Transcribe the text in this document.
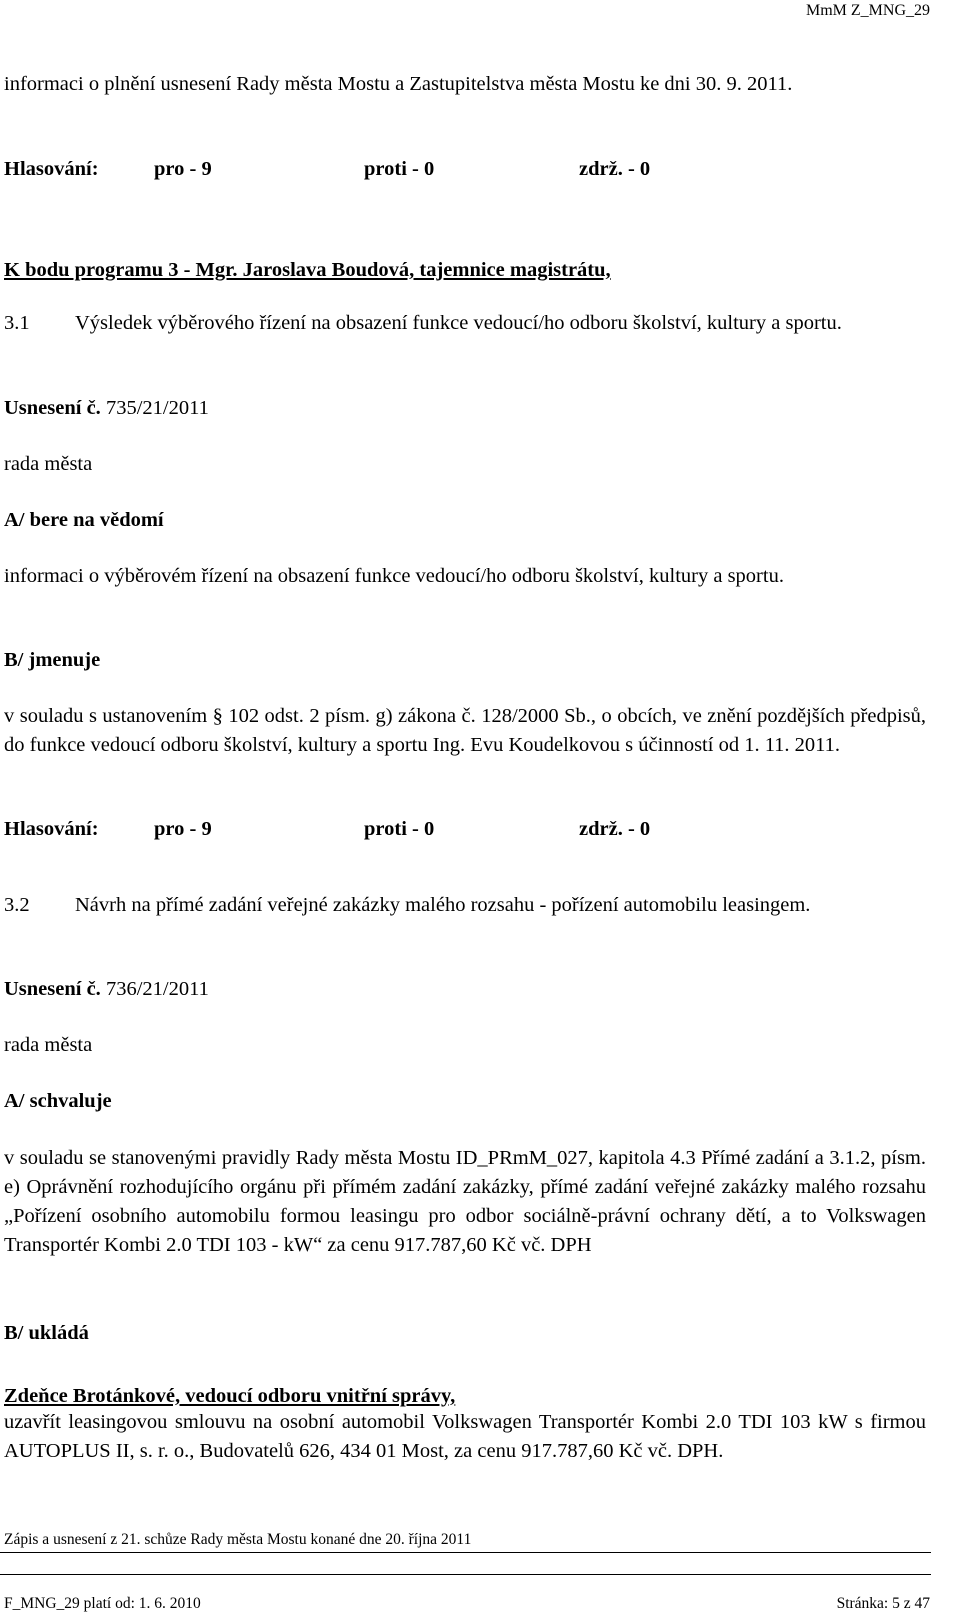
MmM Z_MNG_29

informaci o plnění usnesení Rady města Mostu a Zastupitelstva města Mostu ke dni 30. 9. 2011.

Hlasování:	pro - 9	proti - 0	zdrž. - 0

K bodu programu 3 - Mgr. Jaroslava Boudová, tajemnice magistrátu,

3.1 Výsledek výběrového řízení na obsazení funkce vedoucí/ho odboru školství, kultury a sportu.

Usnesení č. 735/21/2011

rada města

A/ bere na vědomí

informaci o výběrovém řízení na obsazení funkce vedoucí/ho odboru školství, kultury a sportu.

B/ jmenuje

v souladu s ustanovením § 102 odst. 2 písm. g) zákona č. 128/2000 Sb., o obcích, ve znění pozdějších předpisů, do funkce vedoucí odboru školství, kultury a sportu Ing. Evu Koudelkovou s účinností od 1. 11. 2011.

Hlasování:	pro - 9	proti - 0	zdrž. - 0
3.2 Návrh na přímé zadání veřejné zakázky malého rozsahu - pořízení automobilu leasingem.

Usnesení č. 736/21/2011

rada města

A/ schvaluje

v souladu se stanovenými pravidly Rady města Mostu ID_PRmM_027, kapitola 4.3 Přímé zadání a 3.1.2, písm. e) Oprávnění rozhodujícího orgánu při přímém zadání zakázky, přímé zadání veřejné zakázky malého rozsahu „Pořízení osobního automobilu formou leasingu pro odbor sociálně-právní ochrany dětí, a to Volkswagen Transportér Kombi 2.0 TDI 103 - kW“ za cenu 917.787,60 Kč vč. DPH

B/ ukládá

Zdeňce Brotánkové, vedoucí odboru vnitřní správy,

uzavřít leasingovou smlouvu na osobní automobil Volkswagen Transportér Kombi 2.0 TDI 103 kW s firmou AUTOPLUS II, s. r. o., Budovatelů 626, 434 01 Most, za cenu 917.787,60 Kč vč. DPH.

Zápis a usnesení z 21. schůze Rady města Mostu konané dne 20. října 2011
F_MNG_29 platí od: 1. 6. 2010	Stránka: 5 z 47
